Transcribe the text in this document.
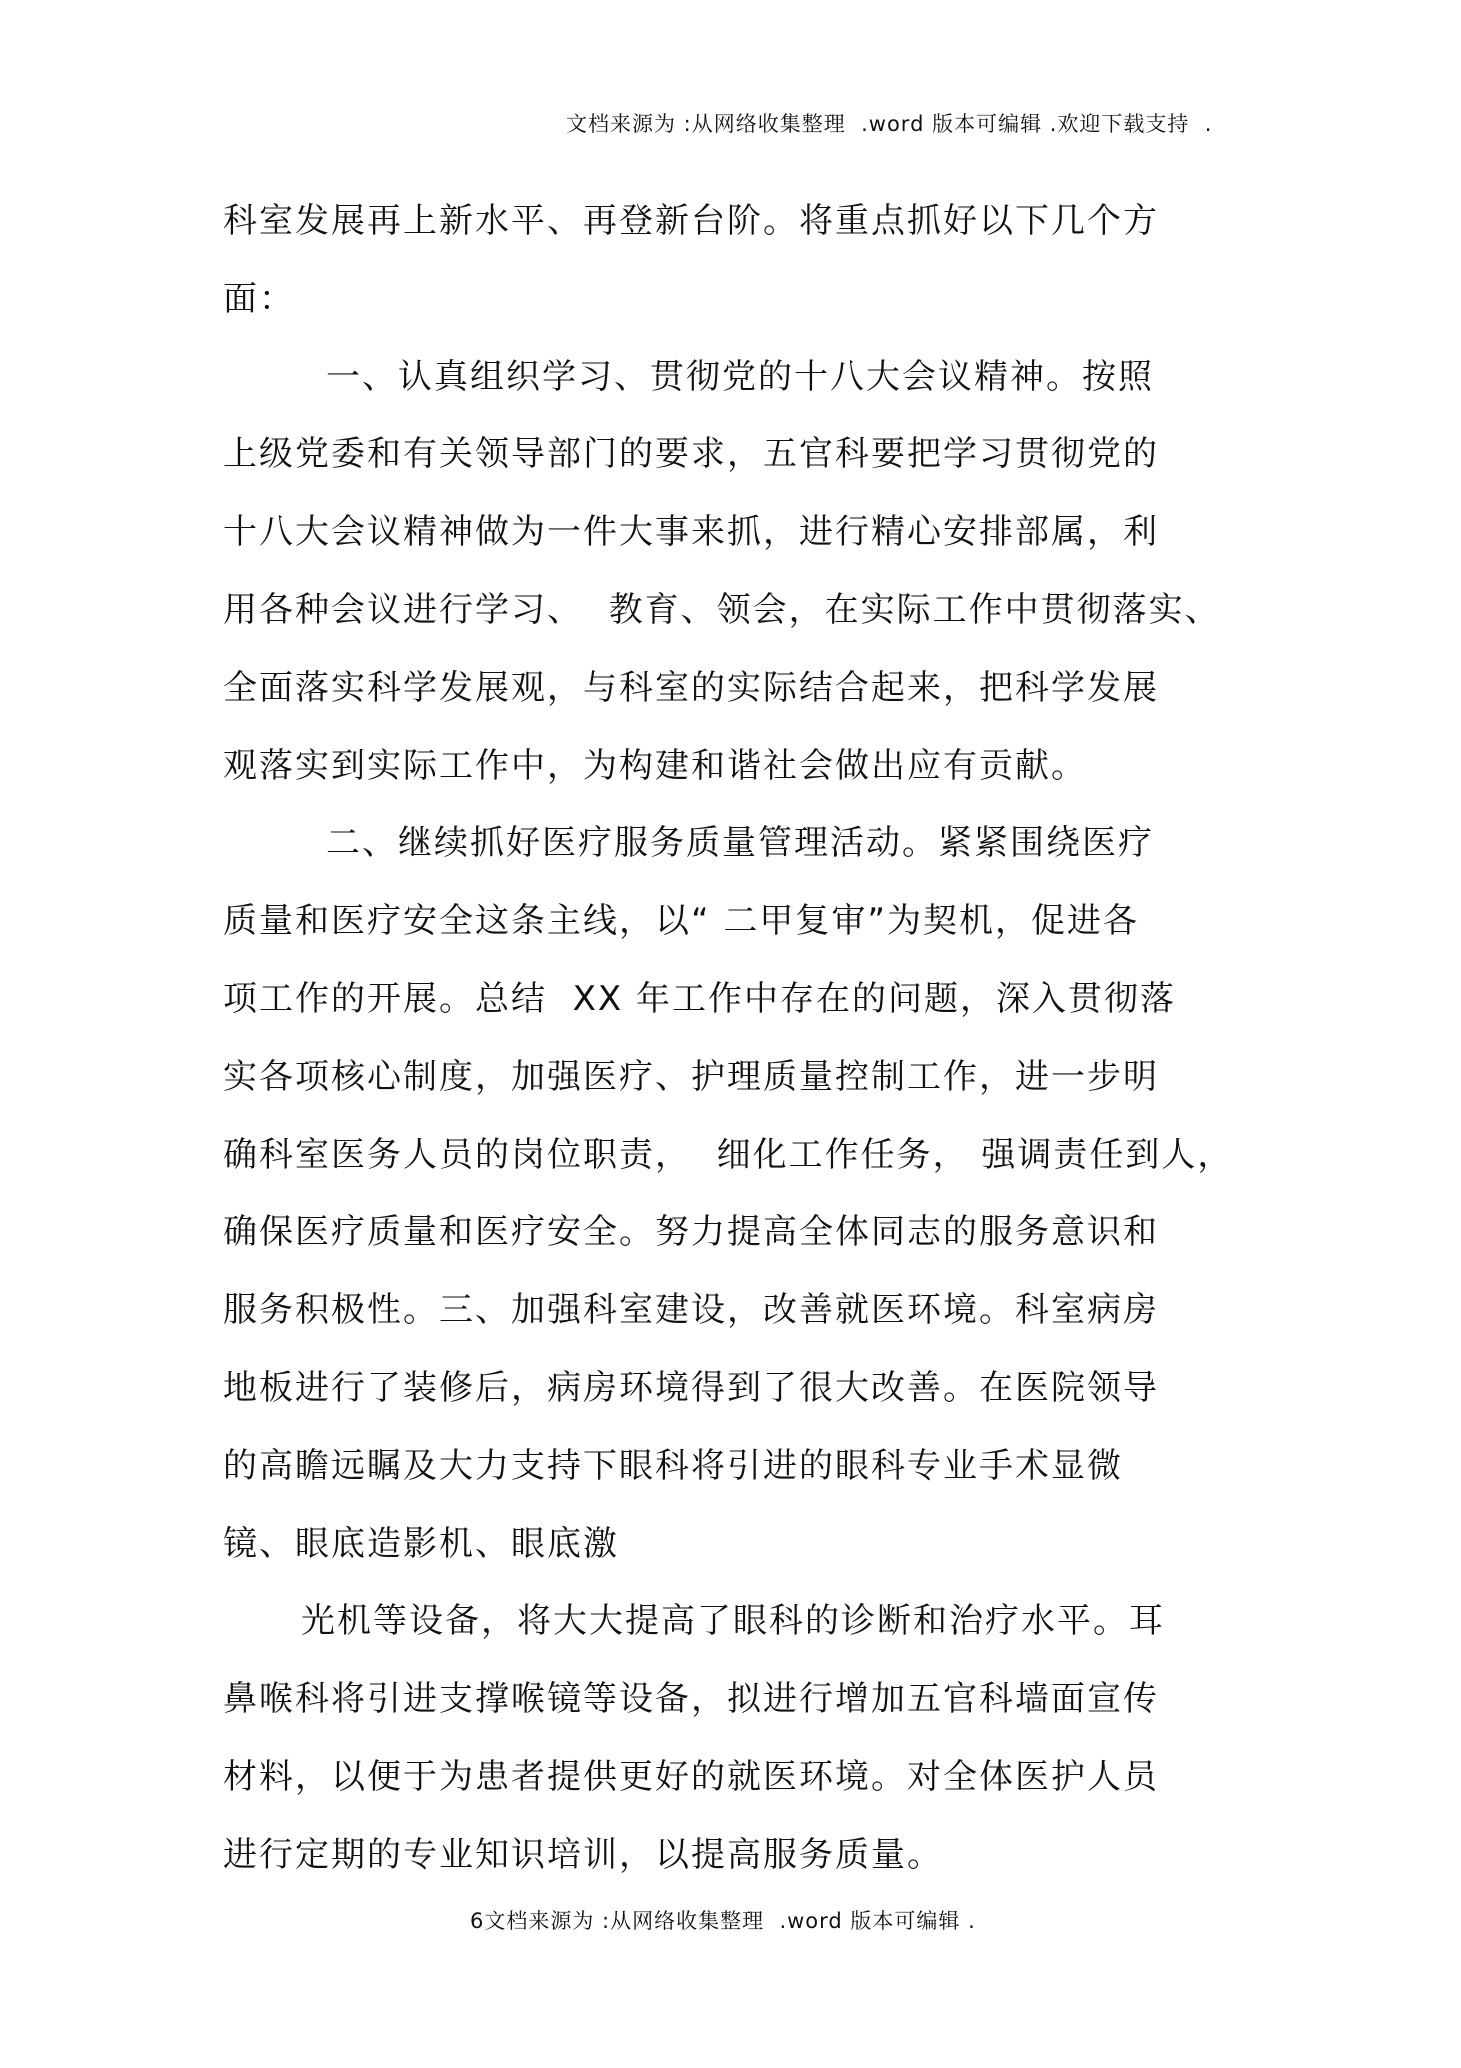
文档来源为 :从网络收集整理  .word 版本可编辑 .欢迎下载支持  .
科室发展再上新水平、再登新台阶。将重点抓好以下几个方
面：
一、认真组织学习、贯彻党的十八大会议精神。按照
上级党委和有关领导部门的要求，五官科要把学习贯彻党的
十八大会议精神做为一件大事来抓，进行精心安排部属，利
用各种会议进行学习、  教育、领会，在实际工作中贯彻落实、
全面落实科学发展观，与科室的实际结合起来，把科学发展
观落实到实际工作中，为构建和谐社会做出应有贡献。
二、继续抓好医疗服务质量管理活动。紧紧围绕医疗
质量和医疗安全这条主线，以“ 二甲复审”为契机，促进各
项工作的开展。总结  XX 年工作中存在的问题，深入贯彻落
实各项核心制度，加强医疗、护理质量控制工作，进一步明
确科室医务人员的岗位职责，  细化工作任务， 强调责任到人，
确保医疗质量和医疗安全。努力提高全体同志的服务意识和
服务积极性。三、加强科室建设，改善就医环境。科室病房
地板进行了装修后，病房环境得到了很大改善。在医院领导
的高瞻远瞩及大力支持下眼科将引进的眼科专业手术显微
镜、眼底造影机、眼底激
光机等设备，将大大提高了眼科的诊断和治疗水平。耳
鼻喉科将引进支撑喉镜等设备，拟进行增加五官科墙面宣传
材料，以便于为患者提供更好的就医环境。对全体医护人员
进行定期的专业知识培训，以提高服务质量。
6文档来源为 :从网络收集整理  .word 版本可编辑 .
